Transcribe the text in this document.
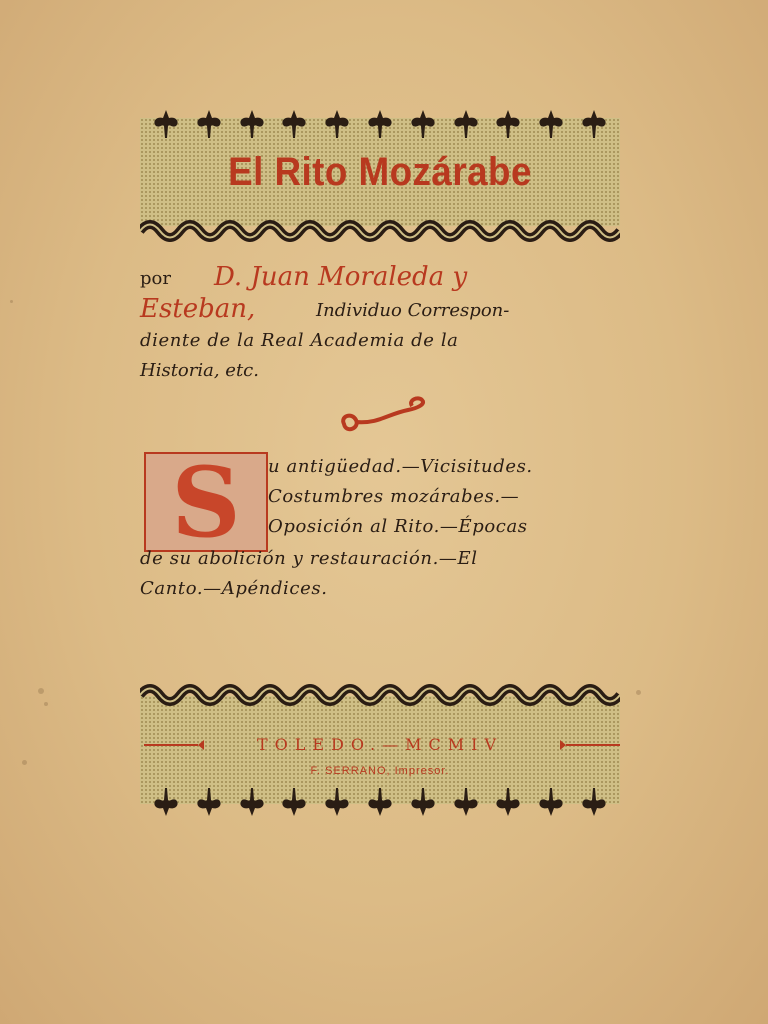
El Rito Mozárabe
por D. Juan Moraleda y
Esteban,	Individuo Correspon-
diente de la Real Academia de la
Historia, etc.
S	u antigüedad.—Vicisitudes.
Costumbres mozárabes.—
Oposición al Rito.—Épocas
de su abolición y restauración.—El
Canto.—Apéndices.
TOLEDO.—MCMIV
F. SERRANO, Impresor.
